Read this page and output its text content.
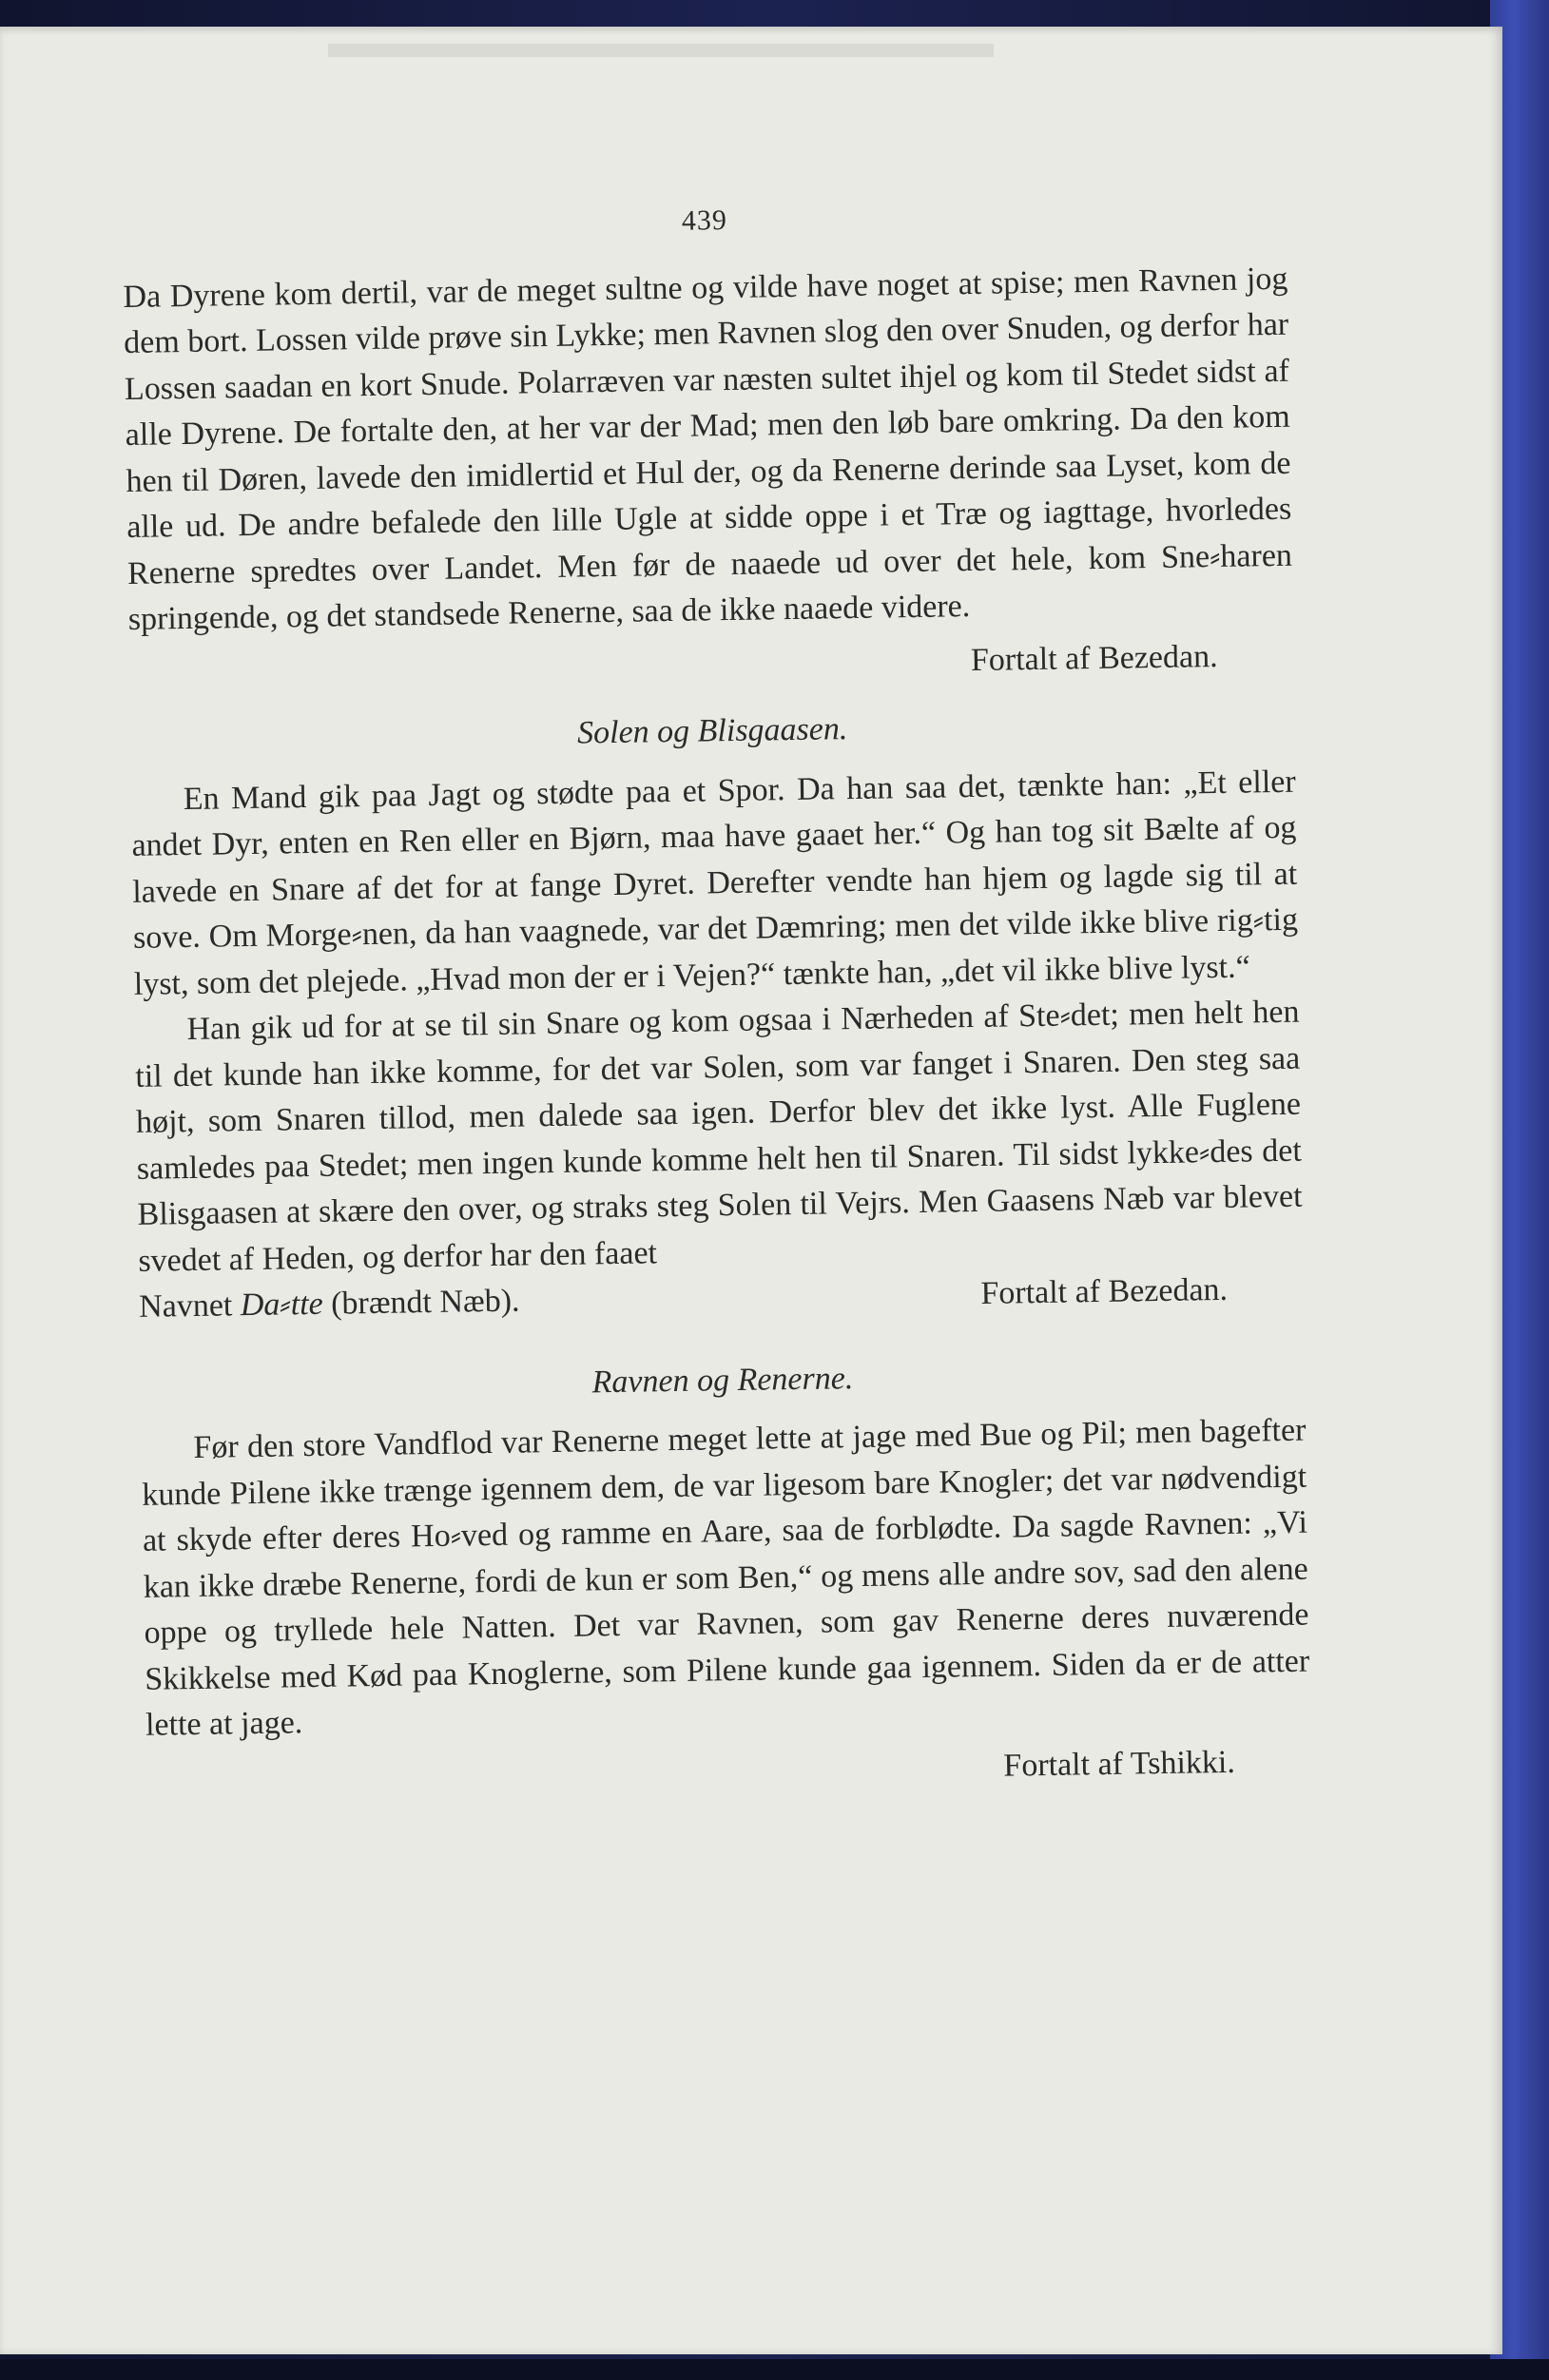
439

Da Dyrene kom dertil, var de meget sultne og vilde have noget at spise; men Ravnen jog dem bort. Lossen vilde prøve sin Lykke; men Ravnen slog den over Snuden, og derfor har Lossen saadan en kort Snude. Polarræven var næsten sultet ihjel og kom til Stedet sidst af alle Dyrene. De fortalte den, at her var der Mad; men den løb bare omkring. Da den kom hen til Døren, lavede den imidlertid et Hul der, og da Renerne derinde saa Lyset, kom de alle ud. De andre befalede den lille Ugle at sidde oppe i et Træ og iagttage, hvorledes Renerne spredtes over Landet. Men før de naaede ud over det hele, kom Sne⸗haren springende, og det standsede Renerne, saa de ikke naaede videre.

Fortalt af Bezedan.
Solen og Blisgaasen.

En Mand gik paa Jagt og stødte paa et Spor. Da han saa det, tænkte han: „Et eller andet Dyr, enten en Ren eller en Bjørn, maa have gaaet her.“ Og han tog sit Bælte af og lavede en Snare af det for at fange Dyret. Derefter vendte han hjem og lagde sig til at sove. Om Morge⸗nen, da han vaagnede, var det Dæmring; men det vilde ikke blive rig⸗tig lyst, som det plejede. „Hvad mon der er i Vejen?“ tænkte han, „det vil ikke blive lyst.“

Han gik ud for at se til sin Snare og kom ogsaa i Nærheden af Ste⸗det; men helt hen til det kunde han ikke komme, for det var Solen, som var fanget i Snaren. Den steg saa højt, som Snaren tillod, men dalede saa igen. Derfor blev det ikke lyst. Alle Fuglene samledes paa Stedet; men ingen kunde komme helt hen til Snaren. Til sidst lykke⸗des det Blisgaasen at skære den over, og straks steg Solen til Vejrs. Men Gaasens Næb var blevet svedet af Heden, og derfor har den faaet

Navnet Da⸗tte (brændt Næb).	Fortalt af Bezedan.
Ravnen og Renerne.

Før den store Vandflod var Renerne meget lette at jage med Bue og Pil; men bagefter kunde Pilene ikke trænge igennem dem, de var ligesom bare Knogler; det var nødvendigt at skyde efter deres Ho⸗ved og ramme en Aare, saa de forblødte. Da sagde Ravnen: „Vi kan ikke dræbe Renerne, fordi de kun er som Ben,“ og mens alle andre sov, sad den alene oppe og tryllede hele Natten. Det var Ravnen, som gav Renerne deres nuværende Skikkelse med Kød paa Knoglerne, som Pilene kunde gaa igennem. Siden da er de atter lette at jage.

Fortalt af Tshikki.
